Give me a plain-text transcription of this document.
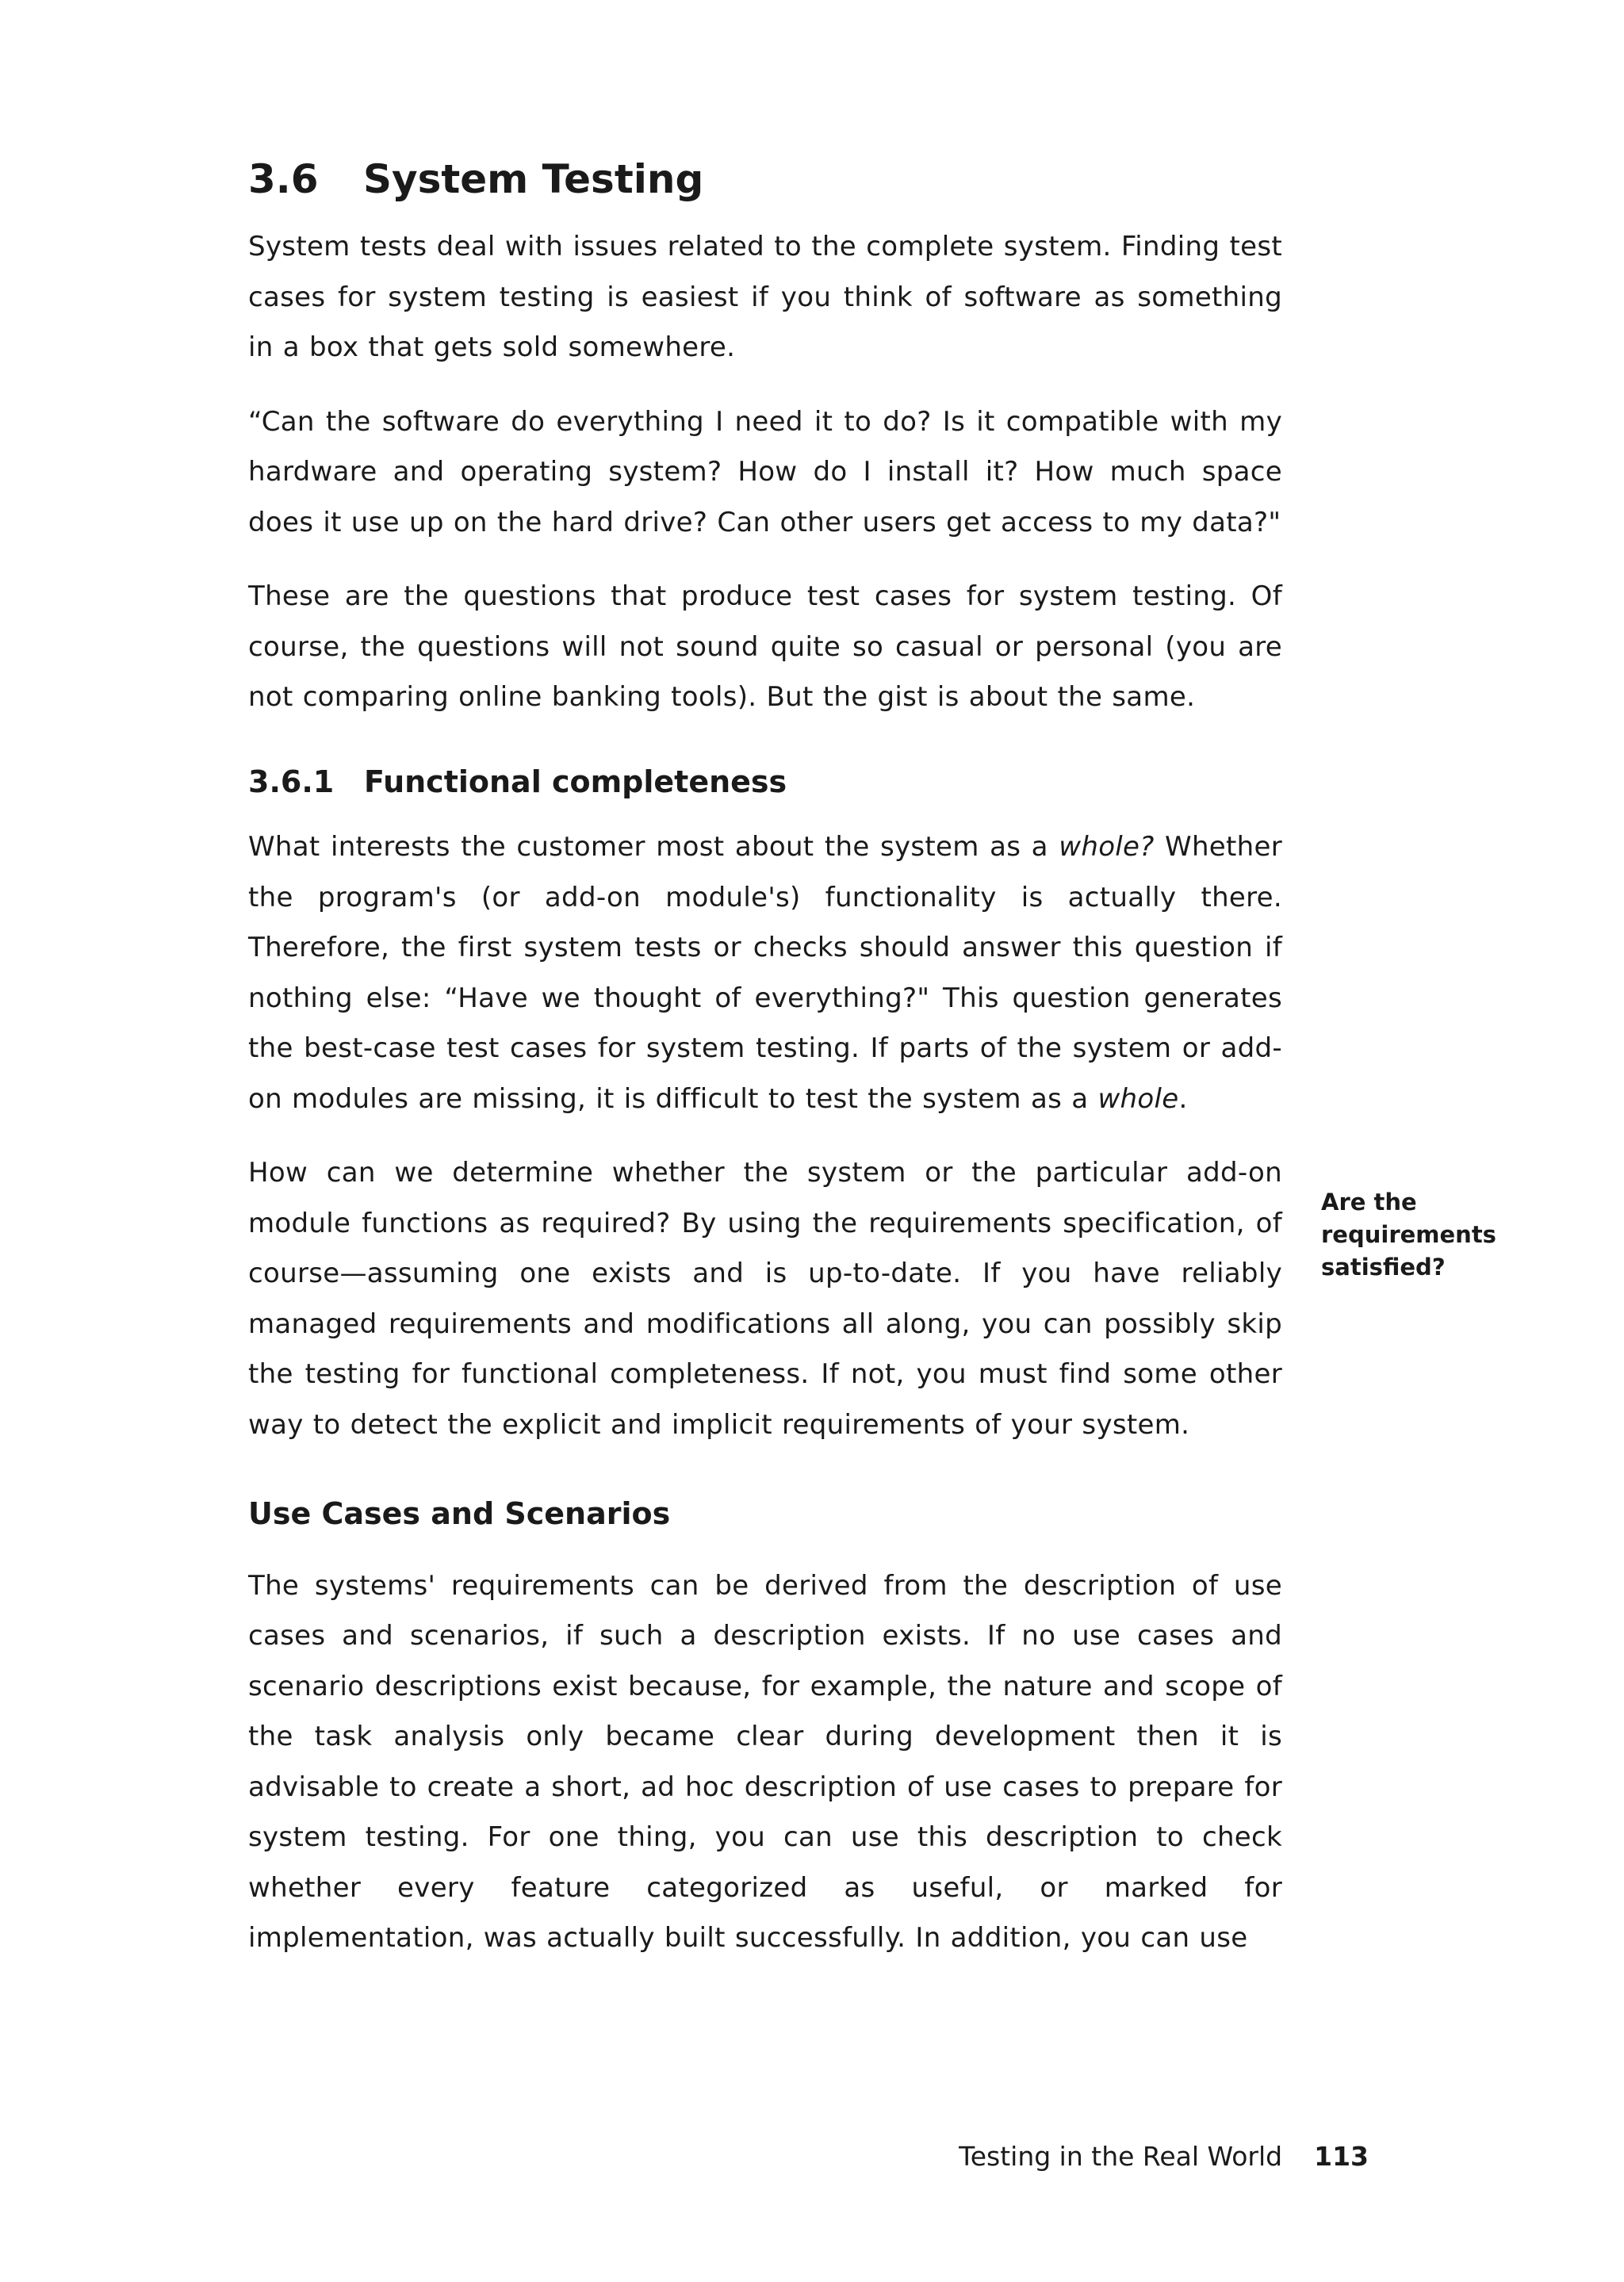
3.6 System Testing

System tests deal with issues related to the complete system. Finding test cases for system testing is easiest if you think of software as something in a box that gets sold somewhere.

“Can the software do everything I need it to do? Is it compatible with my hardware and operating system? How do I install it? How much space does it use up on the hard drive? Can other users get access to my data?"

These are the questions that produce test cases for system testing. Of course, the questions will not sound quite so casual or personal (you are not comparing online banking tools). But the gist is about the same.

3.6.1 Functional completeness

What interests the customer most about the system as a whole? Whether the program's (or add-on module's) functionality is actually there. Therefore, the first system tests or checks should answer this question if nothing else: “Have we thought of everything?" This question generates the best-case test cases for system testing. If parts of the system or add-on modules are missing, it is difficult to test the system as a whole.

How can we determine whether the system or the particular add-on module functions as required? By using the requirements specification, of course—assuming one exists and is up-to-date. If you have reliably managed requirements and modifications all along, you can possibly skip the testing for functional completeness. If not, you must find some other way to detect the explicit and implicit requirements of your system.

Use Cases and Scenarios

The systems' requirements can be derived from the description of use cases and scenarios, if such a description exists. If no use cases and scenario descriptions exist because, for example, the nature and scope of the task analysis only became clear during development then it is advisable to create a short, ad hoc description of use cases to prepare for system testing. For one thing, you can use this description to check whether every feature categorized as useful, or marked for implementation, was actually built successfully. In addition, you can use

Are the requirements satisfied?
Testing in the Real World 113
